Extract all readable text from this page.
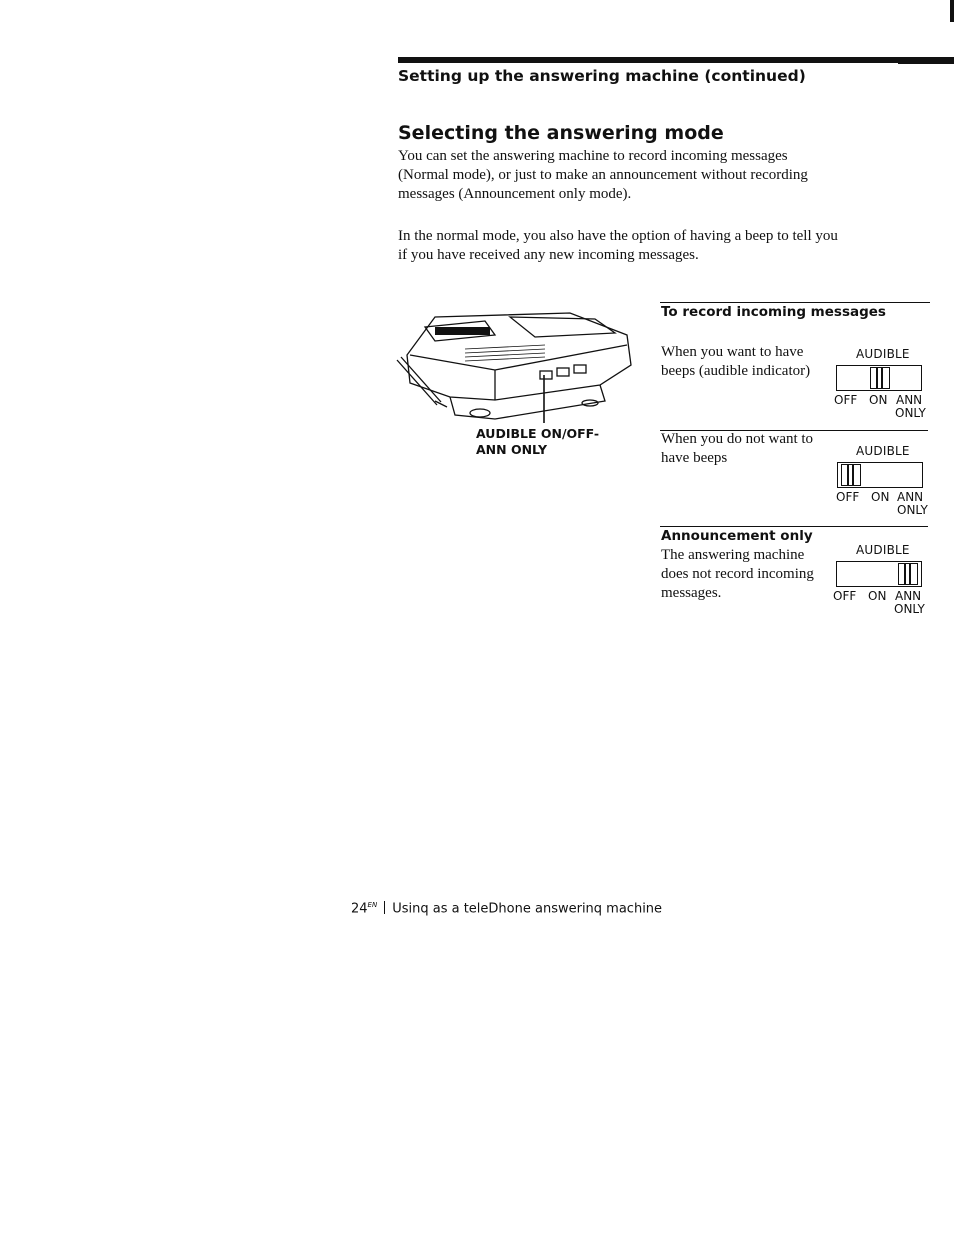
Setting up the answering machine (continued)
Selecting the answering mode
You can set the answering machine to record incoming messages (Normal mode), or just to make an announcement without recording messages (Announcement only mode).
In the normal mode, you also have the option of having a beep to tell you if you have received any new incoming messages.
AUDIBLE ON/OFF-
ANN ONLY
To record incoming messages
When you want to have beeps (audible indicator)
AUDIBLE
OFF ON ANN
ONLY
When you do not want to have beeps	AUDIBLE
OFF ON ANN
ONLY
Announcement only
The answering machine does not record incoming messages.
AUDIBLE
OFF ON ANN
ONLY
$24^{EN}$ Usinq as a teleDhone answerinq machine
